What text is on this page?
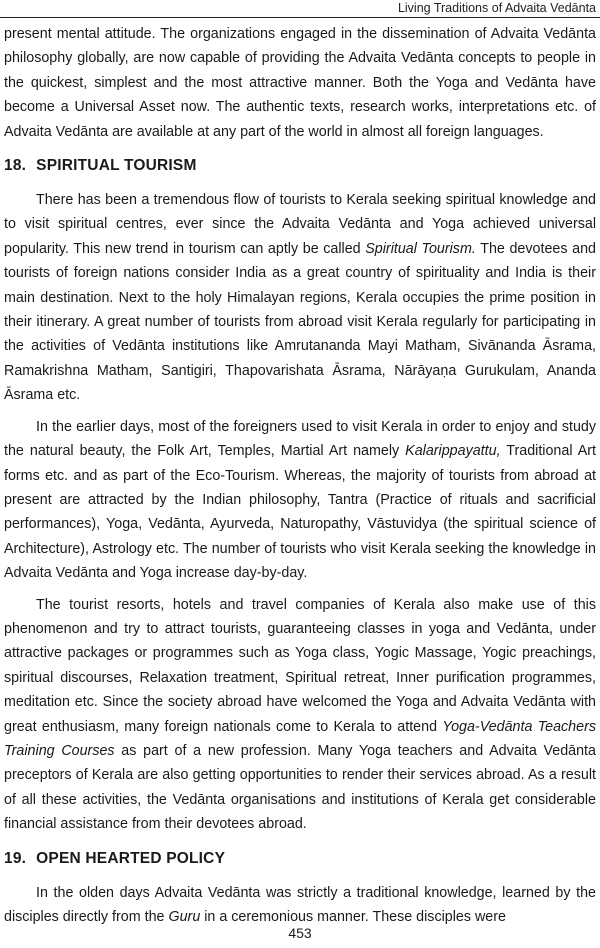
Living Traditions of Advaita Vedānta

present mental attitude. The organizations engaged in the dissemination of Advaita Vedānta philosophy globally, are now capable of providing the Advaita Vedānta concepts to people in the quickest, simplest and the most attractive manner. Both the Yoga and Vedānta have become a Universal Asset now. The authentic texts, research works, interpretations etc. of Advaita Vedānta are available at any part of the world in almost all foreign languages.

18. SPIRITUAL TOURISM

There has been a tremendous flow of tourists to Kerala seeking spiritual knowledge and to visit spiritual centres, ever since the Advaita Vedānta and Yoga achieved universal popularity. This new trend in tourism can aptly be called Spiritual Tourism. The devotees and tourists of foreign nations consider India as a great country of spirituality and India is their main destination. Next to the holy Himalayan regions, Kerala occupies the prime position in their itinerary. A great number of tourists from abroad visit Kerala regularly for participating in the activities of Vedānta institutions like Amrutananda Mayi Matham, Sivānanda Āsrama, Ramakrishna Matham, Santigiri, Thapovarishata Āsrama, Nārāyaṇa Gurukulam, Ananda Āsrama etc.

In the earlier days, most of the foreigners used to visit Kerala in order to enjoy and study the natural beauty, the Folk Art, Temples, Martial Art namely Kalarippayattu, Traditional Art forms etc. and as part of the Eco-Tourism. Whereas, the majority of tourists from abroad at present are attracted by the Indian philosophy, Tantra (Practice of rituals and sacrificial performances), Yoga, Vedānta, Ayurveda, Naturopathy, Vāstuvidya (the spiritual science of Architecture), Astrology etc. The number of tourists who visit Kerala seeking the knowledge in Advaita Vedānta and Yoga increase day-by-day.

The tourist resorts, hotels and travel companies of Kerala also make use of this phenomenon and try to attract tourists, guaranteeing classes in yoga and Vedānta, under attractive packages or programmes such as Yoga class, Yogic Massage, Yogic preachings, spiritual discourses, Relaxation treatment, Spiritual retreat, Inner purification programmes, meditation etc. Since the society abroad have welcomed the Yoga and Advaita Vedānta with great enthusiasm, many foreign nationals come to Kerala to attend Yoga-Vedānta Teachers Training Courses as part of a new profession. Many Yoga teachers and Advaita Vedānta preceptors of Kerala are also getting opportunities to render their services abroad. As a result of all these activities, the Vedānta organisations and institutions of Kerala get considerable financial assistance from their devotees abroad.

19. OPEN HEARTED POLICY

In the olden days Advaita Vedānta was strictly a traditional knowledge, learned by the disciples directly from the Guru in a ceremonious manner. These disciples were

453
